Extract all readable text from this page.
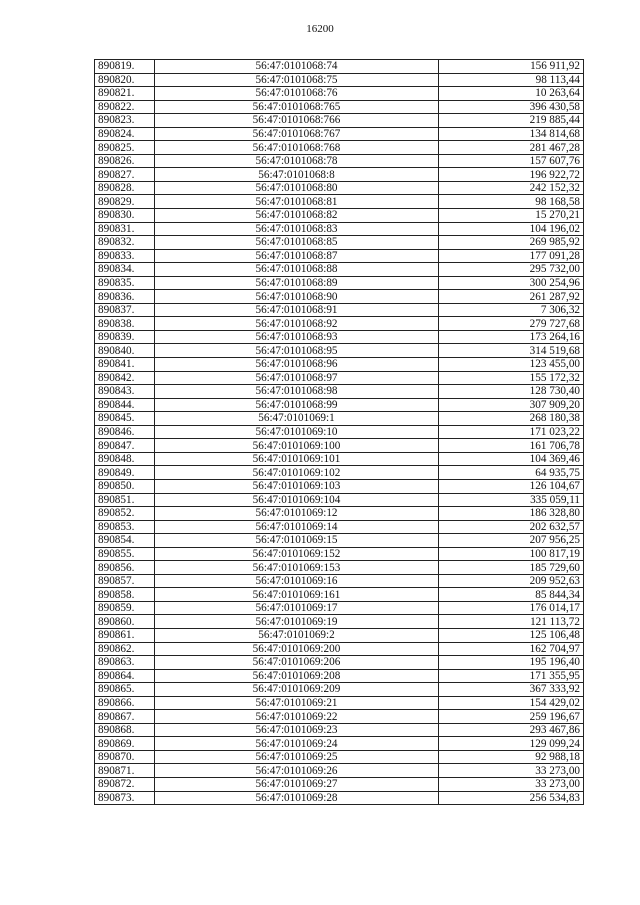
16200
890819.	56:47:0101068:74	156 911,92
890820.	56:47:0101068:75	98 113,44
890821.	56:47:0101068:76	10 263,64
890822.	56:47:0101068:765	396 430,58
890823.	56:47:0101068:766	219 885,44
890824.	56:47:0101068:767	134 814,68
890825.	56:47:0101068:768	281 467,28
890826.	56:47:0101068:78	157 607,76
890827.	56:47:0101068:8	196 922,72
890828.	56:47:0101068:80	242 152,32
890829.	56:47:0101068:81	98 168,58
890830.	56:47:0101068:82	15 270,21
890831.	56:47:0101068:83	104 196,02
890832.	56:47:0101068:85	269 985,92
890833.	56:47:0101068:87	177 091,28
890834.	56:47:0101068:88	295 732,00
890835.	56:47:0101068:89	300 254,96
890836.	56:47:0101068:90	261 287,92
890837.	56:47:0101068:91	7 306,32
890838.	56:47:0101068:92	279 727,68
890839.	56:47:0101068:93	173 264,16
890840.	56:47:0101068:95	314 519,68
890841.	56:47:0101068:96	123 455,00
890842.	56:47:0101068:97	155 172,32
890843.	56:47:0101068:98	128 730,40
890844.	56:47:0101068:99	307 909,20
890845.	56:47:0101069:1	268 180,38
890846.	56:47:0101069:10	171 023,22
890847.	56:47:0101069:100	161 706,78
890848.	56:47:0101069:101	104 369,46
890849.	56:47:0101069:102	64 935,75
890850.	56:47:0101069:103	126 104,67
890851.	56:47:0101069:104	335 059,11
890852.	56:47:0101069:12	186 328,80
890853.	56:47:0101069:14	202 632,57
890854.	56:47:0101069:15	207 956,25
890855.	56:47:0101069:152	100 817,19
890856.	56:47:0101069:153	185 729,60
890857.	56:47:0101069:16	209 952,63
890858.	56:47:0101069:161	85 844,34
890859.	56:47:0101069:17	176 014,17
890860.	56:47:0101069:19	121 113,72
890861.	56:47:0101069:2	125 106,48
890862.	56:47:0101069:200	162 704,97
890863.	56:47:0101069:206	195 196,40
890864.	56:47:0101069:208	171 355,95
890865.	56:47:0101069:209	367 333,92
890866.	56:47:0101069:21	154 429,02
890867.	56:47:0101069:22	259 196,67
890868.	56:47:0101069:23	293 467,86
890869.	56:47:0101069:24	129 099,24
890870.	56:47:0101069:25	92 988,18
890871.	56:47:0101069:26	33 273,00
890872.	56:47:0101069:27	33 273,00
890873.	56:47:0101069:28	256 534,83
